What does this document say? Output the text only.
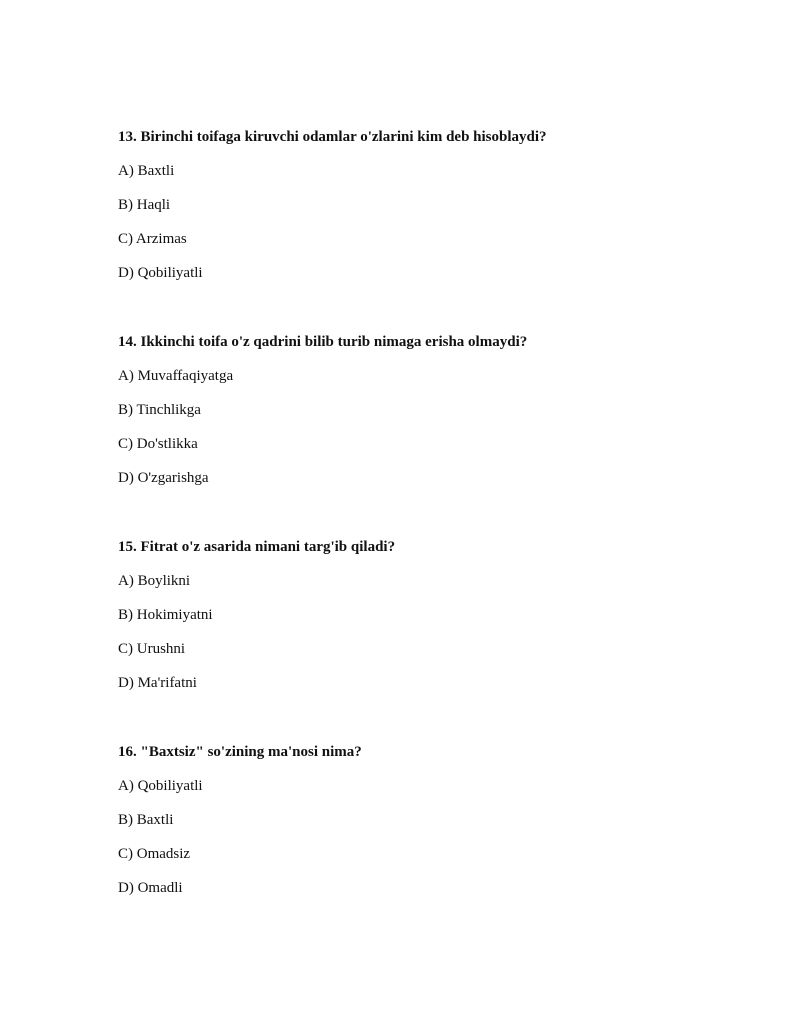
13. Birinchi toifaga kiruvchi odamlar o'zlarini kim deb hisoblaydi?
A) Baxtli
B) Haqli
C) Arzimas
D) Qobiliyatli
14. Ikkinchi toifa o'z qadrini bilib turib nimaga erisha olmaydi?
A) Muvaffaqiyatga
B) Tinchlikga
C) Do'stlikka
D) O'zgarishga
15. Fitrat o'z asarida nimani targ'ib qiladi?
A) Boylikni
B) Hokimiyatni
C) Urushni
D) Ma'rifatni
16. "Baxtsiz" so'zining ma'nosi nima?
A) Qobiliyatli
B) Baxtli
C) Omadsiz
D) Omadli
